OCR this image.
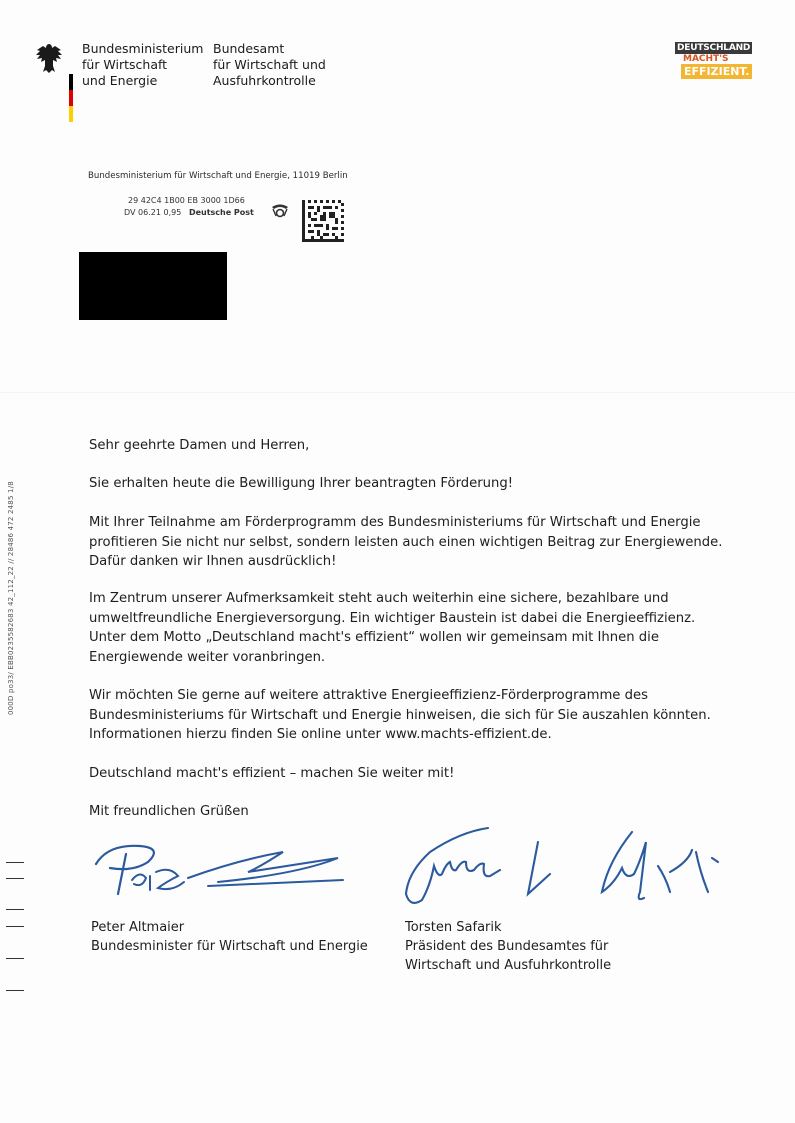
Bundesministerium
für Wirtschaft
und Energie
Bundesamt
für Wirtschaft und
Ausfuhrkontrolle
DEUTSCHLAND
MACHT'S
EFFIZIENT.
Bundesministerium für Wirtschaft und Energie, 11019 Berlin
29 42C4 1B00 EB 3000 1D66
DV 06.21 0,95 Deutsche Post
000D po33/ EBB0235582683 42_112_22 // 28486 472 2485 1/8
Sehr geehrte Damen und Herren,
Sie erhalten heute die Bewilligung Ihrer beantragten Förderung!
Mit Ihrer Teilnahme am Förderprogramm des Bundesministeriums für Wirtschaft und Energie
profitieren Sie nicht nur selbst, sondern leisten auch einen wichtigen Beitrag zur Energiewende.
Dafür danken wir Ihnen ausdrücklich!
Im Zentrum unserer Aufmerksamkeit steht auch weiterhin eine sichere, bezahlbare und
umweltfreundliche Energieversorgung. Ein wichtiger Baustein ist dabei die Energieeffizienz.
Unter dem Motto „Deutschland macht's effizient“ wollen wir gemeinsam mit Ihnen die
Energiewende weiter voranbringen.
Wir möchten Sie gerne auf weitere attraktive Energieeffizienz-Förderprogramme des
Bundesministeriums für Wirtschaft und Energie hinweisen, die sich für Sie auszahlen könnten.
Informationen hierzu finden Sie online unter www.machts-effizient.de.
Deutschland macht's effizient – machen Sie weiter mit!
Mit freundlichen Grüßen
Peter Altmaier
Bundesminister für Wirtschaft und Energie
Torsten Safarik
Präsident des Bundesamtes für
Wirtschaft und Ausfuhrkontrolle
